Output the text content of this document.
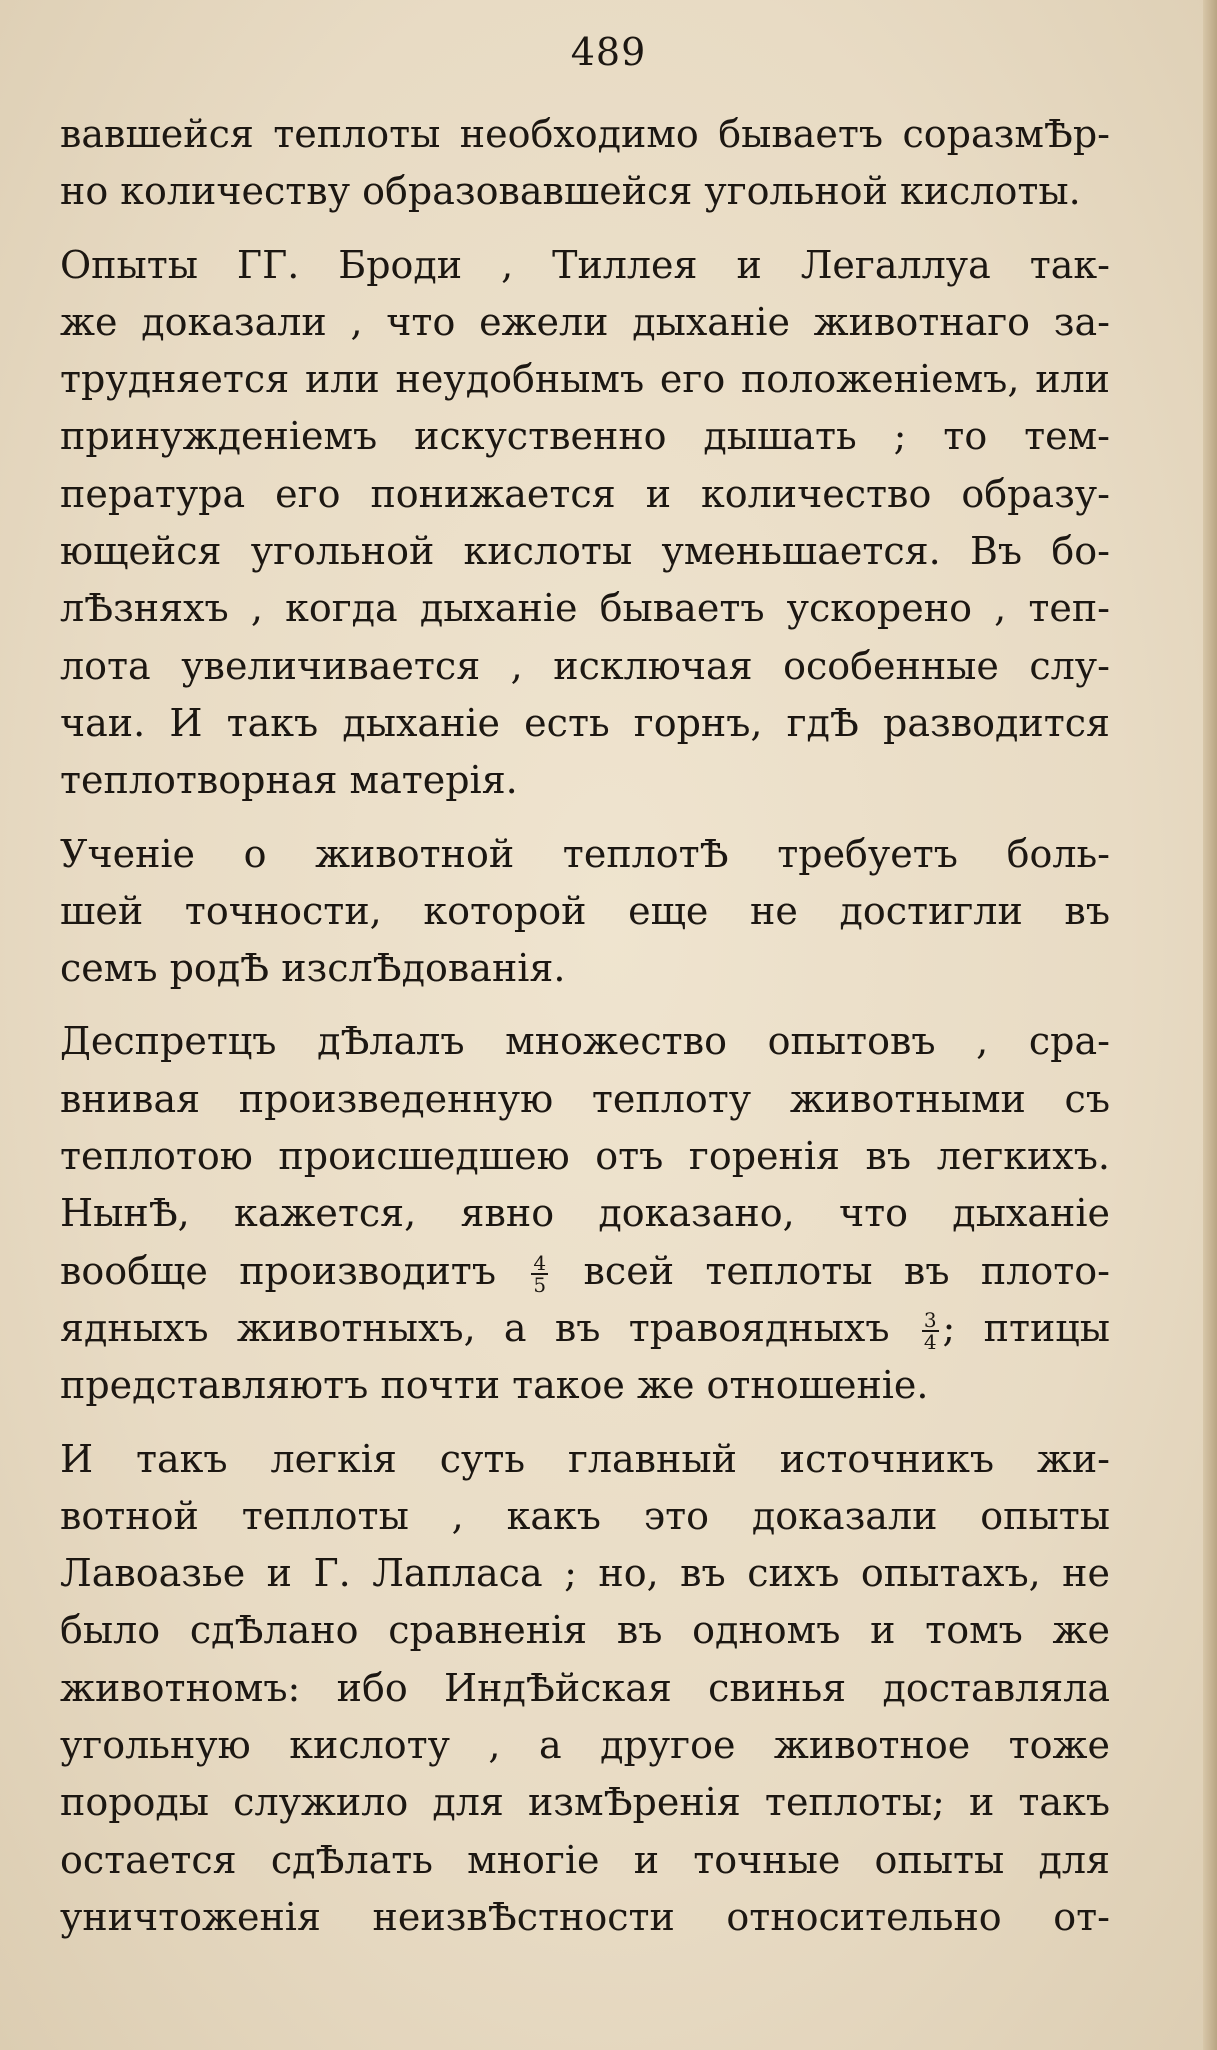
489
вавшейся теплоты необходимо бываетъ соразмѢр-
но количеству образовавшейся угольной кислоты.
Опыты ГГ. Броди , Тиллея и Легаллуа так-
же доказали , что ежели дыханіе животнаго за-
трудняется или неудобнымъ его положеніемъ, или
принужденіемъ искуственно дышать ; то тем-
пература его понижается и количество образу-
ющейся угольной кислоты уменьшается. Въ бо-
лѢзняхъ , когда дыханіе бываетъ ускорено , теп-
лота увеличивается , исключая особенные слу-
чаи. И такъ дыханіе есть горнъ, гдѢ разводится
теплотворная матерія.
Ученіе о животной теплотѢ требуетъ боль-
шей точности, которой еще не достигли въ
семъ родѢ изслѢдованія.
Деспретцъ дѢлалъ множество опытовъ , сра-
внивая произведенную теплоту животными съ
теплотою происшедшею отъ горенія въ легкихъ.
НынѢ, кажется, явно доказано, что дыханіе
вообще производитъ $\frac{4}{5}$ всей теплоты въ плото-
ядныхъ животныхъ, а въ травоядныхъ $\frac{3}{4}$ ; птицы
представляютъ почти такое же отношеніе.
И такъ легкія суть главный источникъ жи-
вотной теплоты , какъ это доказали опыты
Лавоазье и Г. Лапласа ; но, въ сихъ опытахъ, не
было сдѢлано сравненія въ одномъ и томъ же
животномъ: ибо ИндѢйская свинья доставляла
угольную кислоту , а другое животное тоже
породы служило для измѢренія теплоты; и такъ
остается сдѢлать многіе и точные опыты для
уничтоженія неизвѢстности относительно от-
